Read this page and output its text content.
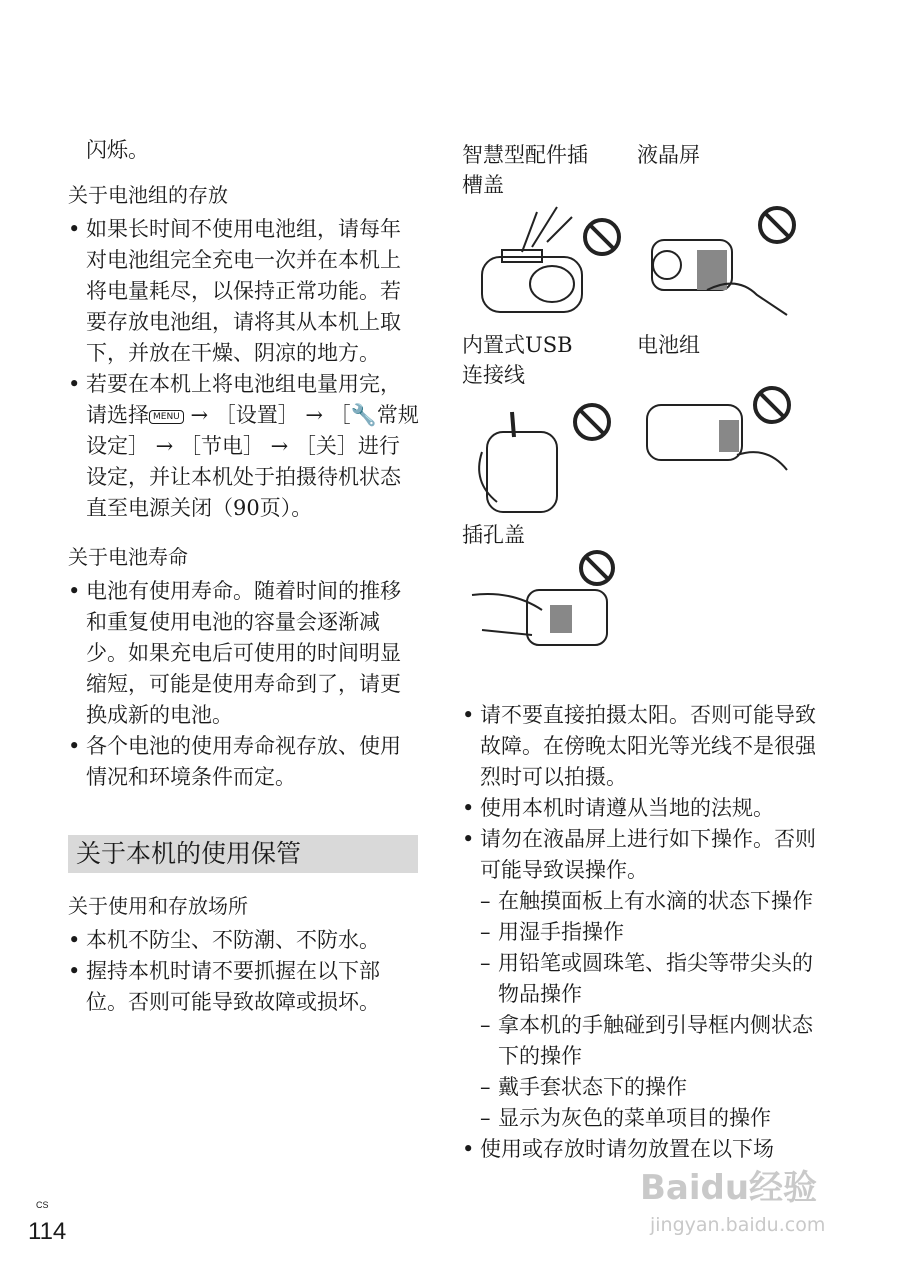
闪烁。

关于电池组的存放
• 如果长时间不使用电池组，请每年对电池组完全充电一次并在本机上将电量耗尽，以保持正常功能。若要存放电池组，请将其从本机上取下，并放在干燥、阴凉的地方。
• 若要在本机上将电池组电量用完，请选择 MENU → ［设置］ → ［🔧常规设定］ → ［节电］ → ［关］进行设定，并让本机处于拍摄待机状态直至电源关闭（90页）。
关于电池寿命
• 电池有使用寿命。随着时间的推移和重复使用电池的容量会逐渐减少。如果充电后可使用的时间明显缩短，可能是使用寿命到了，请更换成新的电池。
• 各个电池的使用寿命视存放、使用情况和环境条件而定。
关于本机的使用保管
关于使用和存放场所
• 本机不防尘、不防潮、不防水。
• 握持本机时请不要抓握在以下部位。否则可能导致故障或损坏。
智慧型配件插槽盖
液晶屏
内置式USB连接线
电池组
插孔盖
• 请不要直接拍摄太阳。否则可能导致故障。在傍晚太阳光等光线不是很强烈时可以拍摄。
• 使用本机时请遵从当地的法规。
• 请勿在液晶屏上进行如下操作。否则可能导致误操作。
– 在触摸面板上有水滴的状态下操作
– 用湿手指操作
– 用铅笔或圆珠笔、指尖等带尖头的物品操作
– 拿本机的手触碰到引导框内侧状态下的操作
– 戴手套状态下的操作
– 显示为灰色的菜单项目的操作
• 使用或存放时请勿放置在以下场
CS
114
Baidu经验
jingyan.baidu.com
